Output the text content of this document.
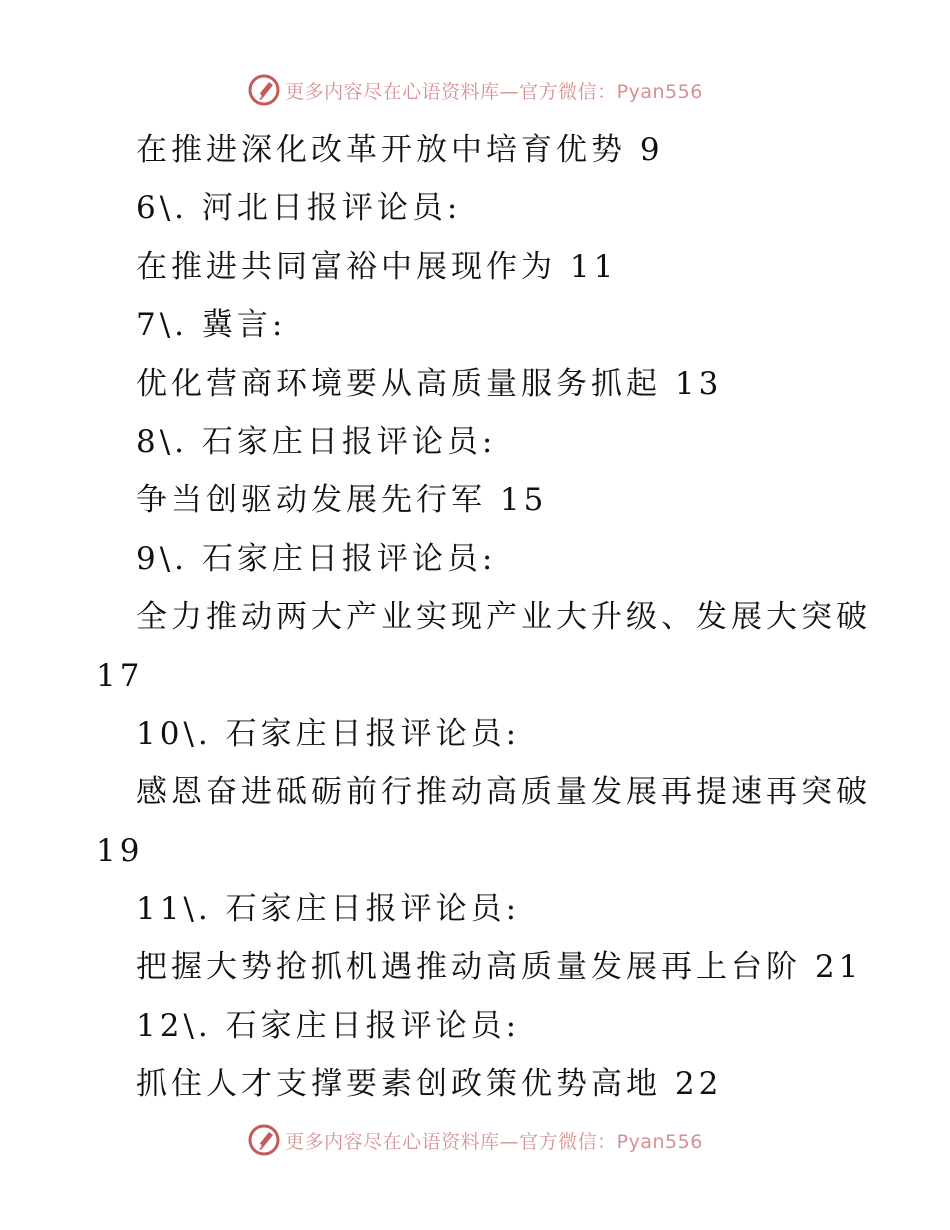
更多内容尽在心语资料库—官方微信：Pyan556
在推进深化改革开放中培育优势 9
6\. 河北日报评论员:
在推进共同富裕中展现作为 11
7\. 冀言:
优化营商环境要从高质量服务抓起 13
8\. 石家庄日报评论员:
争当创驱动发展先行军 15
9\. 石家庄日报评论员:
全力推动两大产业实现产业大升级、发展大突破
17
10\. 石家庄日报评论员:
感恩奋进砥砺前行推动高质量发展再提速再突破
19
11\. 石家庄日报评论员:
把握大势抢抓机遇推动高质量发展再上台阶 21
12\. 石家庄日报评论员:
抓住人才支撑要素创政策优势高地 22
更多内容尽在心语资料库—官方微信：Pyan556
